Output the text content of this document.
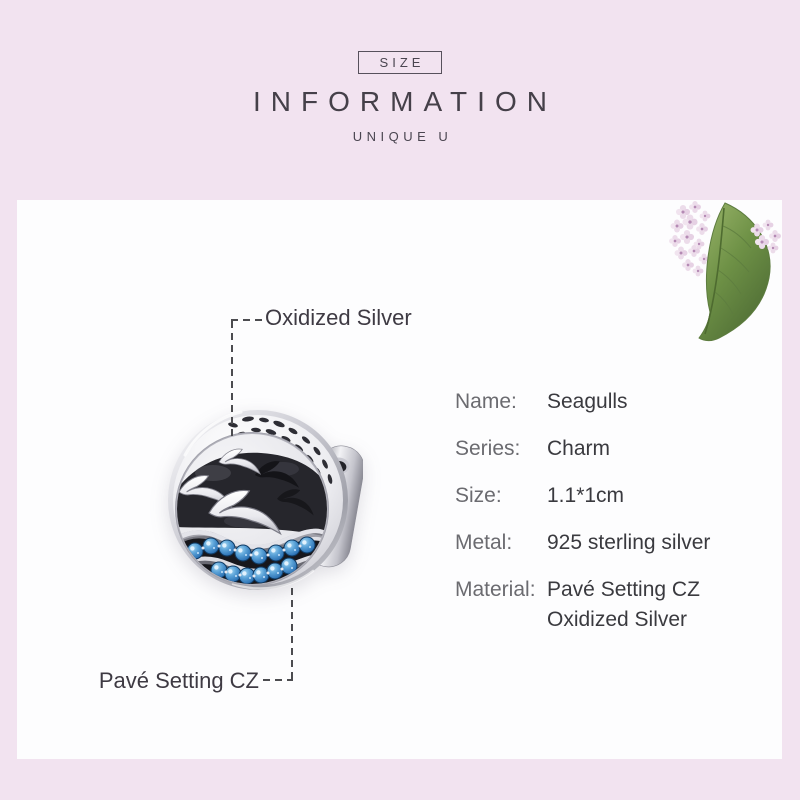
SIZE
INFORMATION
UNIQUE U
Oxidized Silver
Pavé Setting CZ
Name:	Seagulls
Series:	Charm
Size:	1.1*1cm
Metal:	925 sterling silver
Material: Pavé Setting CZ
Oxidized Silver
